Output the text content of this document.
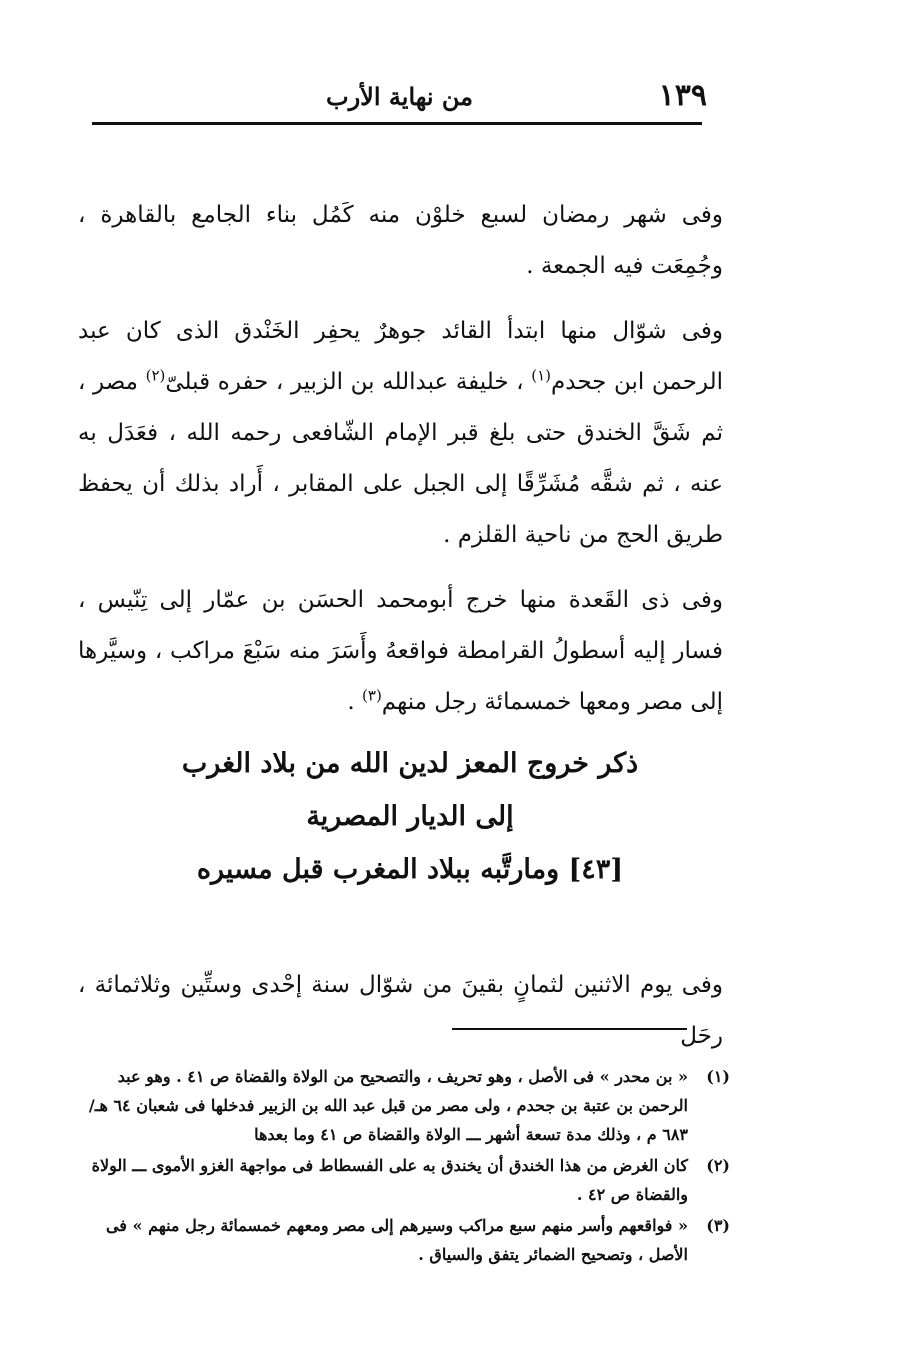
من نهاية الأرب	١٣٩

وفى شهر رمضان لسبع خلوْن منه كَمُل بناء الجامع بالقاهرة ، وجُمِعَت فيه الجمعة .

وفى شوّال منها ابتدأ القائد جوهرٌ يحفِر الخَنْدق الذى كان عبد الرحمن ابن جحدم$^{(١)}$ ، خليفة عبدالله بن الزبير ، حفره قبلىّ$^{(٢)}$ مصر ، ثم شَقَّ الخندق حتى بلغ قبر الإمام الشّافعى رحمه الله ، فعَدَل به عنه ، ثم شقَّه مُشَرِّقًا إلى الجبل على المقابر ، أَراد بذلك أن يحفظ طريق الحج من ناحية القلزم .

وفى ذى القَعدة منها خرج أبومحمد الحسَن بن عمّار إلى تِنّيس ، فسار إليه أسطولُ القرامطة فواقعهُ وأَسَرَ منه سَبْعَ مراكب ، وسيَّرها إلى مصر ومعها خمسمائة رجل منهم$^{(٣)}$ .

ذكر خروج المعز لدين الله من بلاد الغرب
إلى الديار المصرية
[٤٣] ومارتَّبه ببلاد المغرب قبل مسيره
وفى يوم الاثنين لثمانٍ بقينَ من شوّال سنة إحْدى وستِّين وثلاثمائة ، رحَل
(١)
« بن محدر » فى الأصل ، وهو تحريف ، والتصحيح من الولاة والقضاة ص ٤١ . وهو عبد الرحمن بن عتبة بن جحدم ، ولى مصر من قبل عبد الله بن الزبير فدخلها فى شعبان ٦٤ هـ/٦٨٣ م ، وذلك مدة تسعة أشهر ـــ الولاة والقضاة ص ٤١ وما بعدها
(٢)
كان الغرض من هذا الخندق أن يخندق به على الفسطاط فى مواجهة الغزو الأموى ـــ الولاة والقضاة ص ٤٢ .
(٣)
« فواقعهم وأسر منهم سبع مراكب وسيرهم إلى مصر ومعهم خمسمائة رجل منهم » فى الأصل ، وتصحيح الضمائر يتفق والسياق .
